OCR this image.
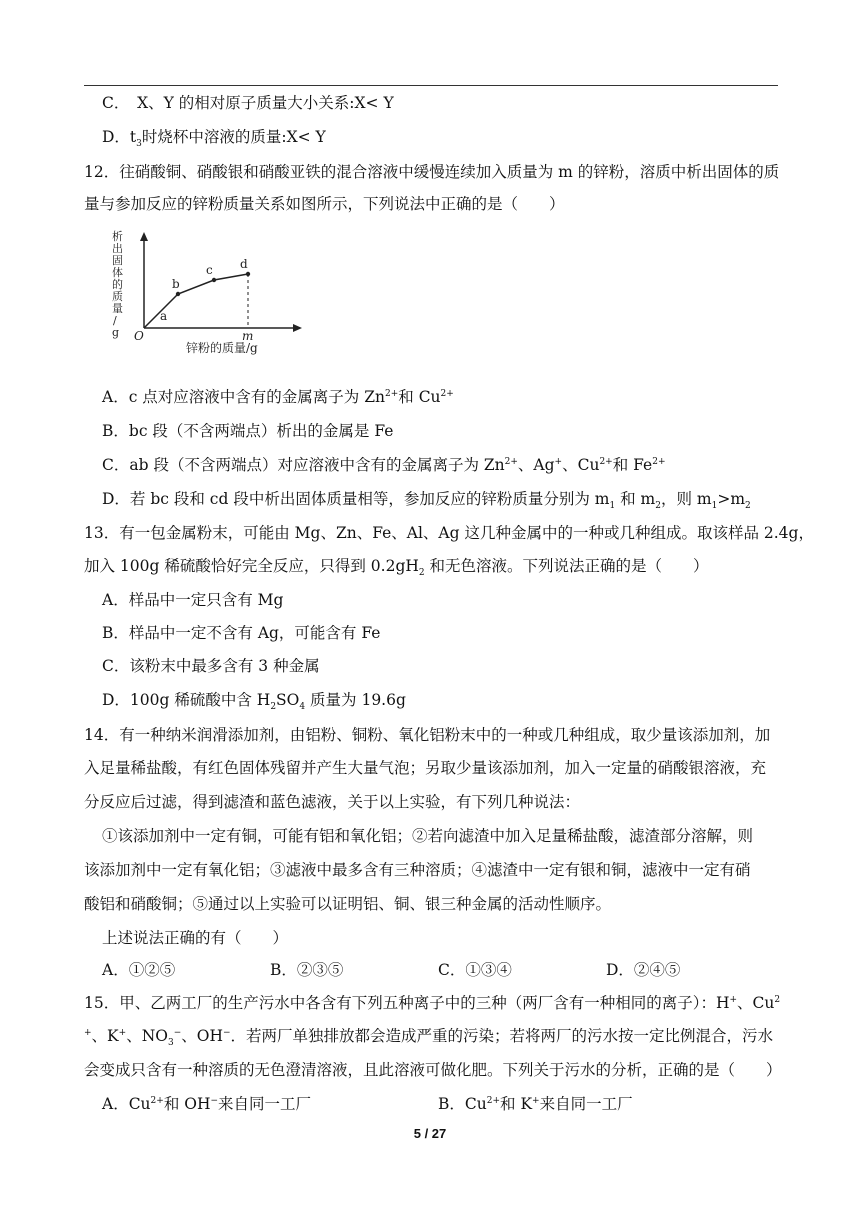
C．　X、Y 的相对原子质量大小关系:X< Y
D．$t_3$时烧杯中溶液的质量:X< Y
12．往硝酸铜、硝酸银和硝酸亚铁的混合溶液中缓慢连续加入质量为 m 的锌粉，溶质中析出固体的质
量与参加反应的锌粉质量关系如图所示，下列说法中正确的是（　　）
析
出
固
体
的
质
量
/
g O
a
b
c d
m
锌粉的质量/g
A．c 点对应溶液中含有的金属离子为 $Zn^{2+}$和 $Cu^{2+}$
B．bc 段（不含两端点）析出的金属是 Fe
C．ab 段（不含两端点）对应溶液中含有的金属离子为 $Zn^{2+}$、Ag+、$Cu^{2+}$和 $Fe^{2+}$
D．若 bc 段和 cd 段中析出固体质量相等，参加反应的锌粉质量分别为 $m_1$ 和 $m_2$，则 $m_1>m_2$
13．有一包金属粉末，可能由 Mg、Zn、Fe、Al、Ag 这几种金属中的一种或几种组成。取该样品 2.4g，
加入 100g 稀硫酸恰好完全反应，只得到 $0.2gH_2$ 和无色溶液。下列说法正确的是（　　）
A．样品中一定只含有 Mg
B．样品中一定不含有 Ag，可能含有 Fe
C．该粉末中最多含有 3 种金属
D．100g 稀硫酸中含 $H_2SO_4$ 质量为 19.6g
14．有一种纳米润滑添加剂，由铝粉、铜粉、氧化铝粉末中的一种或几种组成，取少量该添加剂，加
入足量稀盐酸，有红色固体残留并产生大量气泡；另取少量该添加剂，加入一定量的硝酸银溶液，充
分反应后过滤，得到滤渣和蓝色滤液，关于以上实验，有下列几种说法：
①该添加剂中一定有铜，可能有铝和氧化铝；②若向滤渣中加入足量稀盐酸，滤渣部分溶解，则
该添加剂中一定有氧化铝；③滤液中最多含有三种溶质；④滤渣中一定有银和铜，滤液中一定有硝
酸铝和硝酸铜；⑤通过以上实验可以证明铝、铜、银三种金属的活动性顺序。
上述说法正确的有（　　）
A．①②⑤	B．②③⑤	C．①③④	D．②④⑤
15．甲、乙两工厂的生产污水中各含有下列五种离子中的三种（两厂含有一种相同的离子）：H+、Cu$^2$
+、K+、$NO_3^-$、OH−．若两厂单独排放都会造成严重的污染；若将两厂的污水按一定比例混合，污水
会变成只含有一种溶质的无色澄清溶液，且此溶液可做化肥。下列关于污水的分析，正确的是（　　）
A．$Cu^{2+}$和 OH−来自同一工厂	B．$Cu^{2+}$和 K+来自同一工厂
5 / 27
